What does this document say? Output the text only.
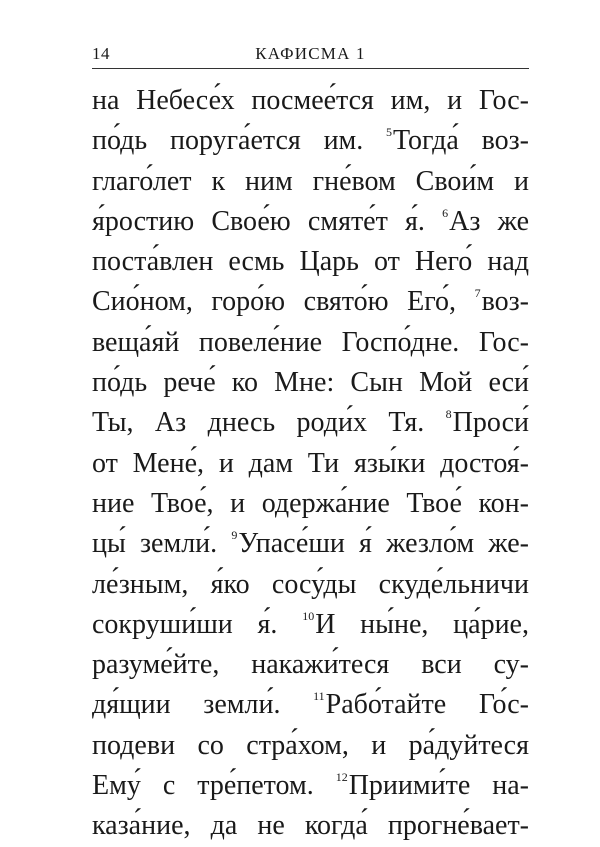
14	КАФИСМА 1
на Небесе́х посмее́тся им, и Гос-
по́дь поруга́ется им. $^5$Тогда́ воз-
глаго́лет к ним гне́вом Свои́м и
я́ростию Свое́ю смяте́т я́. $^6$Аз же
поста́влен есмь Царь от Него́ над
Сио́ном, горо́ю свято́ю Его́, $^7$воз-
веща́яй повеле́ние Госпо́дне. Гос-
по́дь рече́ ко Мне: Сын Мой еси́
Ты, Аз днесь роди́х Тя. $^8$Проси́
от Мене́, и дам Ти язы́ки достоя́-
ние Твое́, и одержа́ние Твое́ кон-
цы́ земли́. $^9$Упасе́ши я́ жезло́м же-
ле́зным, я́ко сосу́ды скуде́льничи
сокруши́ши я́. $^{10}$И ны́не, ца́рие,
разуме́йте, накажи́теся вси су-
дя́щии земли́. $^{11}$Рабо́тайте Го́с-
подеви со стра́хом, и ра́дуйтеся
Ему́ с тре́петом. $^{12}$Приими́те на-
каза́ние, да не когда́ прогне́вает-
